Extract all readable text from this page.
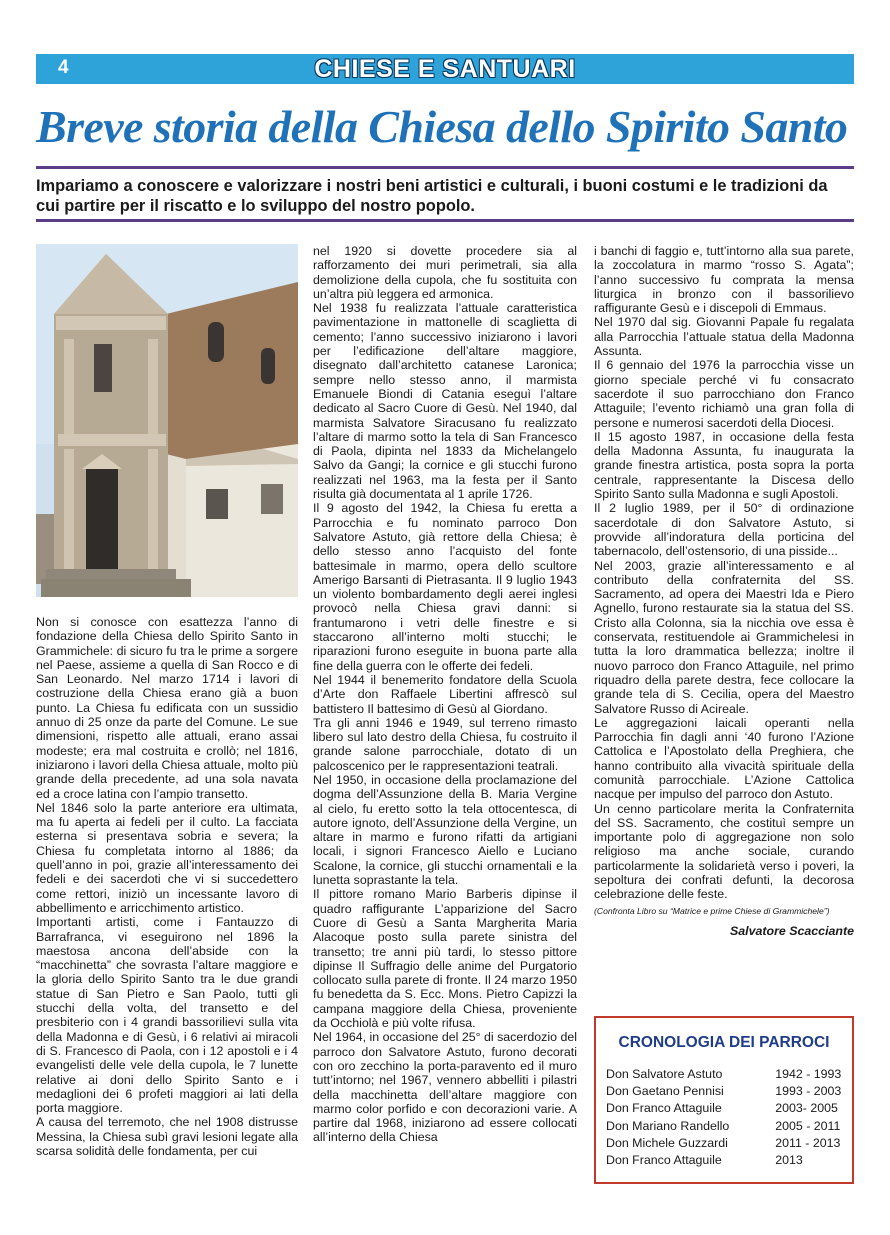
4	CHIESE E SANTUARI
Breve storia della Chiesa dello Spirito Santo
Impariamo a conoscere e valorizzare i nostri beni artistici e culturali, i buoni costumi e le tradizioni da cui partire per il riscatto e lo sviluppo del nostro popolo.

Non si conosce con esattezza l’anno di fondazione della Chiesa dello Spirito Santo in Grammichele: di sicuro fu tra le prime a sorgere nel Paese, assieme a quella di San Rocco e di San Leonardo. Nel marzo 1714 i lavori di costruzione della Chiesa erano già a buon punto. La Chiesa fu edificata con un sussidio annuo di 25 onze da parte del Comune. Le sue dimensioni, rispetto alle attuali, erano assai modeste; era mal costruita e crollò; nel 1816, iniziarono i lavori della Chiesa attuale, molto più grande della precedente, ad una sola navata ed a croce latina con l’ampio transetto.

Nel 1846 solo la parte anteriore era ultimata, ma fu aperta ai fedeli per il culto. La facciata esterna si presentava sobria e severa; la Chiesa fu completata intorno al 1886; da quell’anno in poi, grazie all’interessamento dei fedeli e dei sacerdoti che vi si succedettero come rettori, iniziò un incessante lavoro di abbellimento e arricchimento artistico.

Importanti artisti, come i Fantauzzo di Barrafranca, vi eseguirono nel 1896 la maestosa ancona dell’abside con la “macchinetta” che sovrasta l’altare maggiore e la gloria dello Spirito Santo tra le due grandi statue di San Pietro e San Paolo, tutti gli stucchi della volta, del transetto e del presbiterio con i 4 grandi bassorilievi sulla vita della Madonna e di Gesù, i 6 relativi ai miracoli di S. Francesco di Paola, con i 12 apostoli e i 4 evangelisti delle vele della cupola, le 7 lunette relative ai doni dello Spirito Santo e i medaglioni dei 6 profeti maggiori ai lati della porta maggiore.

A causa del terremoto, che nel 1908 distrusse Messina, la Chiesa subì gravi lesioni legate alla scarsa solidità delle fondamenta, per cui

nel 1920 si dovette procedere sia al rafforzamento dei muri perimetrali, sia alla demolizione della cupola, che fu sostituita con un’altra più leggera ed armonica.

Nel 1938 fu realizzata l’attuale caratteristica pavimentazione in mattonelle di scaglietta di cemento; l’anno successivo iniziarono i lavori per l’edificazione dell’altare maggiore, disegnato dall’architetto catanese Laronica; sempre nello stesso anno, il marmista Emanuele Biondi di Catania eseguì l’altare dedicato al Sacro Cuore di Gesù. Nel 1940, dal marmista Salvatore Siracusano fu realizzato l’altare di marmo sotto la tela di San Francesco di Paola, dipinta nel 1833 da Michelangelo Salvo da Gangi; la cornice e gli stucchi furono realizzati nel 1963, ma la festa per il Santo risulta già documentata al 1 aprile 1726.

Il 9 agosto del 1942, la Chiesa fu eretta a Parrocchia e fu nominato parroco Don Salvatore Astuto, già rettore della Chiesa; è dello stesso anno l’acquisto del fonte battesimale in marmo, opera dello scultore Amerigo Barsanti di Pietrasanta. Il 9 luglio 1943 un violento bombardamento degli aerei inglesi provocò nella Chiesa gravi danni: si frantumarono i vetri delle finestre e si staccarono all’interno molti stucchi; le riparazioni furono eseguite in buona parte alla fine della guerra con le offerte dei fedeli.

Nel 1944 il benemerito fondatore della Scuola d’Arte don Raffaele Libertini affrescò sul battistero Il battesimo di Gesù al Giordano.

Tra gli anni 1946 e 1949, sul terreno rimasto libero sul lato destro della Chiesa, fu costruito il grande salone parrocchiale, dotato di un palcoscenico per le rappresentazioni teatrali.

Nel 1950, in occasione della proclamazione del dogma dell’Assunzione della B. Maria Vergine al cielo, fu eretto sotto la tela ottocentesca, di autore ignoto, dell’Assunzione della Vergine, un altare in marmo e furono rifatti da artigiani locali, i signori Francesco Aiello e Luciano Scalone, la cornice, gli stucchi ornamentali e la lunetta soprastante la tela.

Il pittore romano Mario Barberis dipinse il quadro raffigurante L’apparizione del Sacro Cuore di Gesù a Santa Margherita Maria Alacoque posto sulla parete sinistra del transetto; tre anni più tardi, lo stesso pittore dipinse Il Suffragio delle anime del Purgatorio collocato sulla parete di fronte. Il 24 marzo 1950 fu benedetta da S. Ecc. Mons. Pietro Capizzi la campana maggiore della Chiesa, proveniente da Occhiolà e più volte rifusa.

Nel 1964, in occasione del 25° di sacerdozio del parroco don Salvatore Astuto, furono decorati con oro zecchino la porta-paravento ed il muro tutt’intorno; nel 1967, vennero abbelliti i pilastri della macchinetta dell’altare maggiore con marmo color porfido e con decorazioni varie. A partire dal 1968, iniziarono ad essere collocati all’interno della Chiesa

i banchi di faggio e, tutt’intorno alla sua parete, la zoccolatura in marmo “rosso S. Agata”; l’anno successivo fu comprata la mensa liturgica in bronzo con il bassorilievo raffigurante Gesù e i discepoli di Emmaus.

Nel 1970 dal sig. Giovanni Papale fu regalata alla Parrocchia l’attuale statua della Madonna Assunta.

Il 6 gennaio del 1976 la parrocchia visse un giorno speciale perché vi fu consacrato sacerdote il suo parrocchiano don Franco Attaguile; l’evento richiamò una gran folla di persone e numerosi sacerdoti della Diocesi.

Il 15 agosto 1987, in occasione della festa della Madonna Assunta, fu inaugurata la grande finestra artistica, posta sopra la porta centrale, rappresentante la Discesa dello Spirito Santo sulla Madonna e sugli Apostoli.

Il 2 luglio 1989, per il 50° di ordinazione sacerdotale di don Salvatore Astuto, si provvide all’indoratura della porticina del tabernacolo, dell’ostensorio, di una pisside...

Nel 2003, grazie all’interessamento e al contributo della confraternita del SS. Sacramento, ad opera dei Maestri Ida e Piero Agnello, furono restaurate sia la statua del SS. Cristo alla Colonna, sia la nicchia ove essa è conservata, restituendole ai Grammichelesi in tutta la loro drammatica bellezza; inoltre il nuovo parroco don Franco Attaguile, nel primo riquadro della parete destra, fece collocare la grande tela di S. Cecilia, opera del Maestro Salvatore Russo di Acireale.

Le aggregazioni laicali operanti nella Parrocchia fin dagli anni ‘40 furono l’Azione Cattolica e l’Apostolato della Preghiera, che hanno contribuito alla vivacità spirituale della comunità parrocchiale. L’Azione Cattolica nacque per impulso del parroco don Astuto.

Un cenno particolare merita la Confraternita del SS. Sacramento, che costituì sempre un importante polo di aggregazione non solo religioso ma anche sociale, curando particolarmente la solidarietà verso i poveri, la sepoltura dei confrati defunti, la decorosa celebrazione delle feste.

(Confronta Libro su “Matrice e prime Chiese di Grammichele”)
Salvatore Scacciante
CRONOLOGIA DEI PARROCI
Don Salvatore Astuto	1942 - 1993
Don Gaetano Pennisi	1993 - 2003
Don Franco Attaguile	2003- 2005
Don Mariano Randello	2005 - 2011
Don Michele Guzzardi	2011 - 2013
Don Franco Attaguile	2013
